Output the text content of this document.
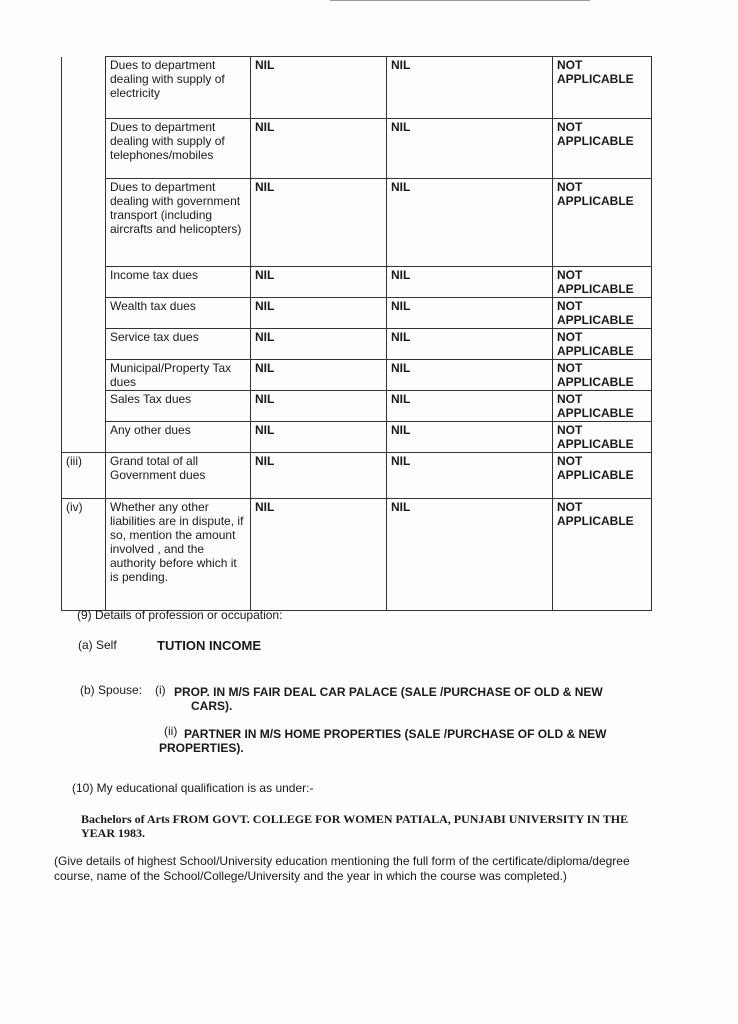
	Dues to department dealing with supply of electricity	NIL	NIL	NOT APPLICABLE
	Dues to department dealing with supply of telephones/mobiles	NIL	NIL	NOT APPLICABLE
	Dues to department dealing with government transport (including aircrafts and helicopters)	NIL	NIL	NOT APPLICABLE
	Income tax dues	NIL	NIL	NOT APPLICABLE
	Wealth tax dues	NIL	NIL	NOT APPLICABLE
	Service tax dues	NIL	NIL	NOT APPLICABLE
	Municipal/Property Tax dues	NIL	NIL	NOT APPLICABLE
	Sales Tax dues	NIL	NIL	NOT APPLICABLE
	Any other dues	NIL	NIL	NOT APPLICABLE
(iii)	Grand total of all Government dues	NIL	NIL	NOT APPLICABLE
(iv)	Whether any other liabilities are in dispute, if so, mention the amount involved , and the authority before which it is pending.	NIL	NIL	NOT APPLICABLE
(9) Details of profession or occupation:
(a) Self	TUTION INCOME
(b) Spouse: (i) PROP. IN M/S FAIR DEAL CAR PALACE (SALE /PURCHASE OF OLD & NEW
CARS).
(ii) PARTNER IN M/S HOME PROPERTIES (SALE /PURCHASE OF OLD & NEW
PROPERTIES).
(10) My educational qualification is as under:-
Bachelors of Arts FROM GOVT. COLLEGE FOR WOMEN PATIALA, PUNJABI UNIVERSITY IN THE
YEAR 1983.
(Give details of highest School/University education mentioning the full form of the certificate/diploma/degree
course, name of the School/College/University and the year in which the course was completed.)
